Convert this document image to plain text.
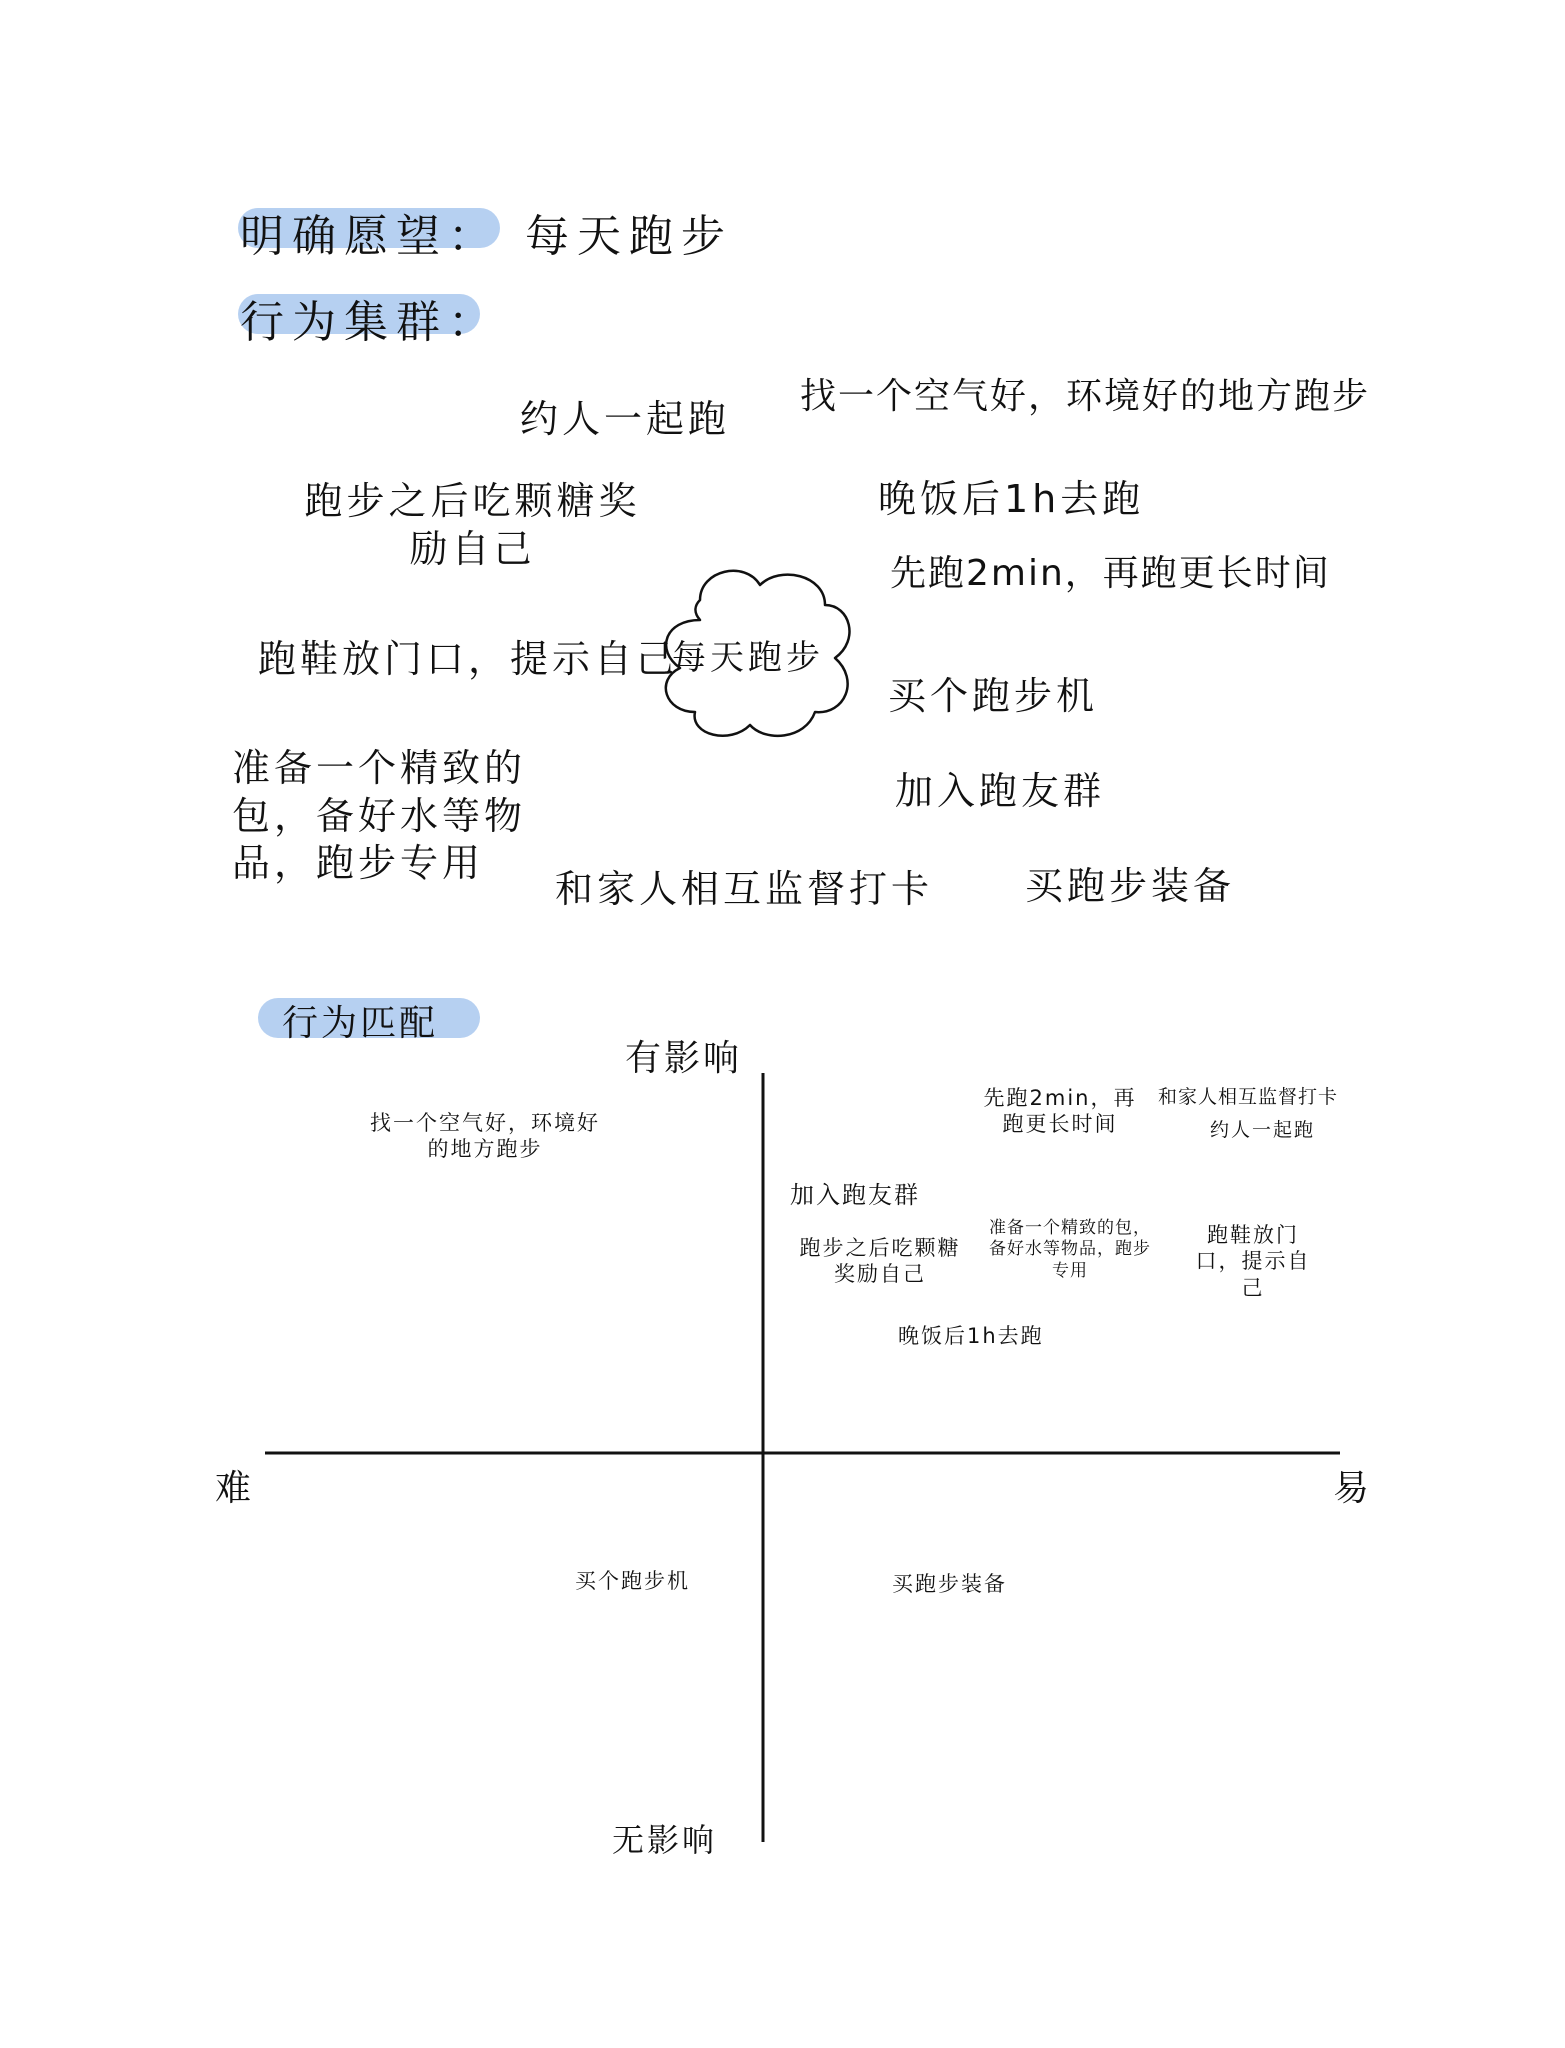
明确愿望： 每天跑步
行为集群：
每天跑步
约人一起跑
找一个空气好，环境好的地方跑步
跑步之后吃颗糖奖励自己
晚饭后1h去跑
先跑2min，再跑更长时间
跑鞋放门口，提示自己
买个跑步机
准备一个精致的包，备好水等物品，跑步专用
加入跑友群
和家人相互监督打卡 买跑步装备
行为匹配
有影响
无影响
难	易
找一个空气好，环境好的地方跑步
先跑2min，再跑更长时间
和家人相互监督打卡
约人一起跑
加入跑友群
跑步之后吃颗糖奖励自己
准备一个精致的包，备好水等物品，跑步专用
跑鞋放门口，提示自己
晚饭后1h去跑
买个跑步机	买跑步装备
